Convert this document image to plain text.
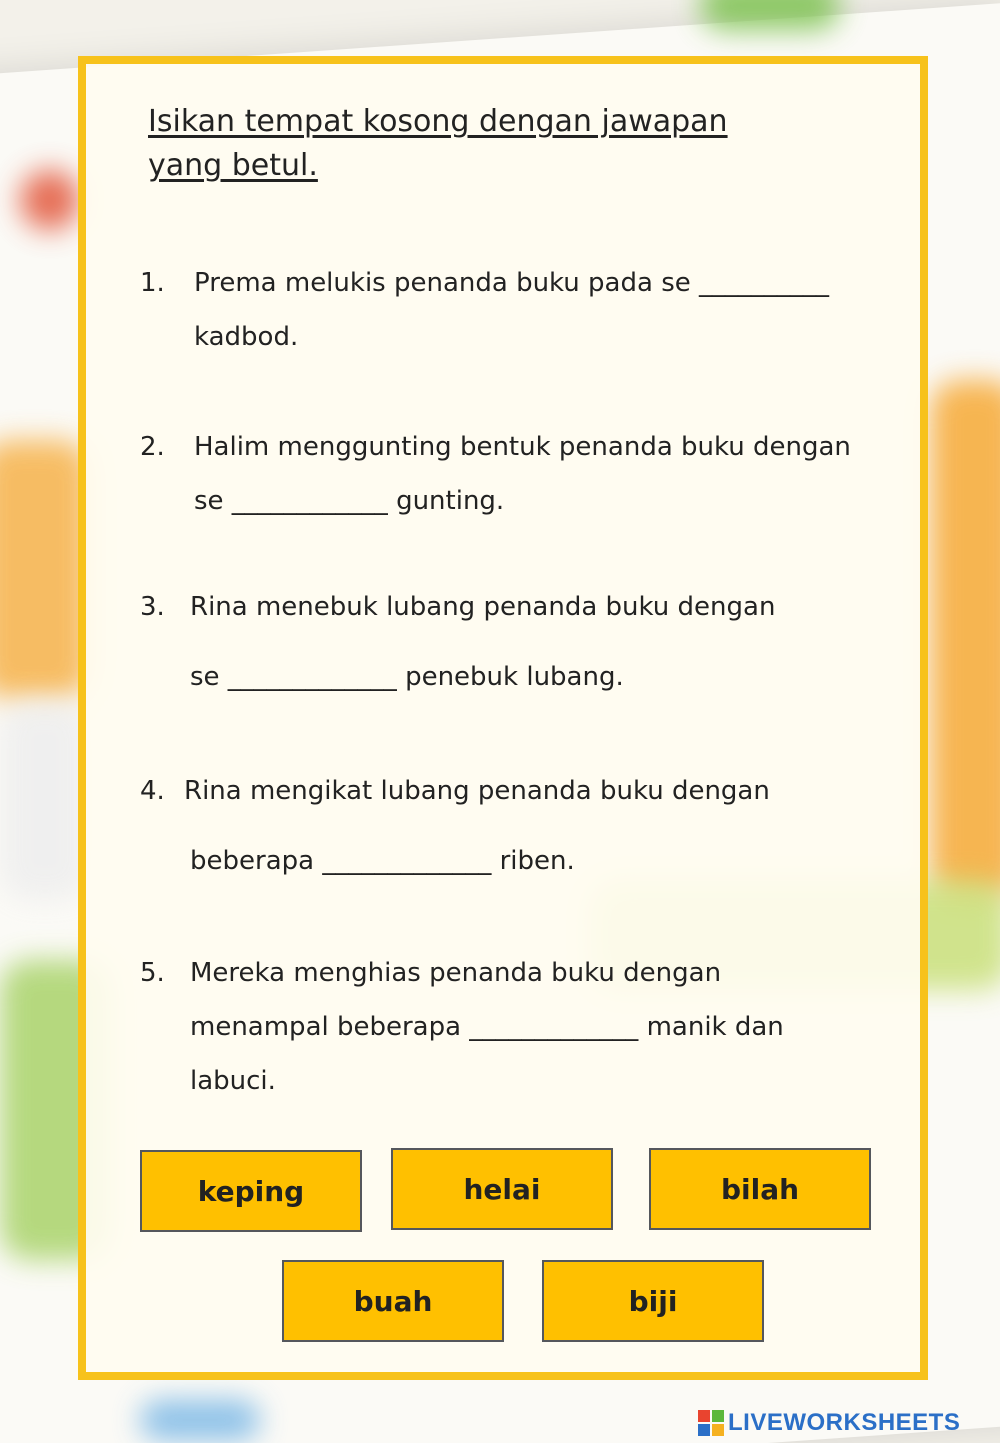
Isikan tempat kosong dengan jawapan yang betul.
1. Prema melukis penanda buku pada se __________
kadbod.
2. Halim menggunting bentuk penanda buku dengan
se ____________ gunting.
3. Rina menebuk lubang penanda buku dengan
se _____________ penebuk lubang.
4. Rina mengikat lubang penanda buku dengan
beberapa _____________ riben.
5. Mereka menghias penanda buku dengan
menampal beberapa _____________ manik dan
labuci.
keping	helai	bilah
buah	biji
LIVEWORKSHEETS
